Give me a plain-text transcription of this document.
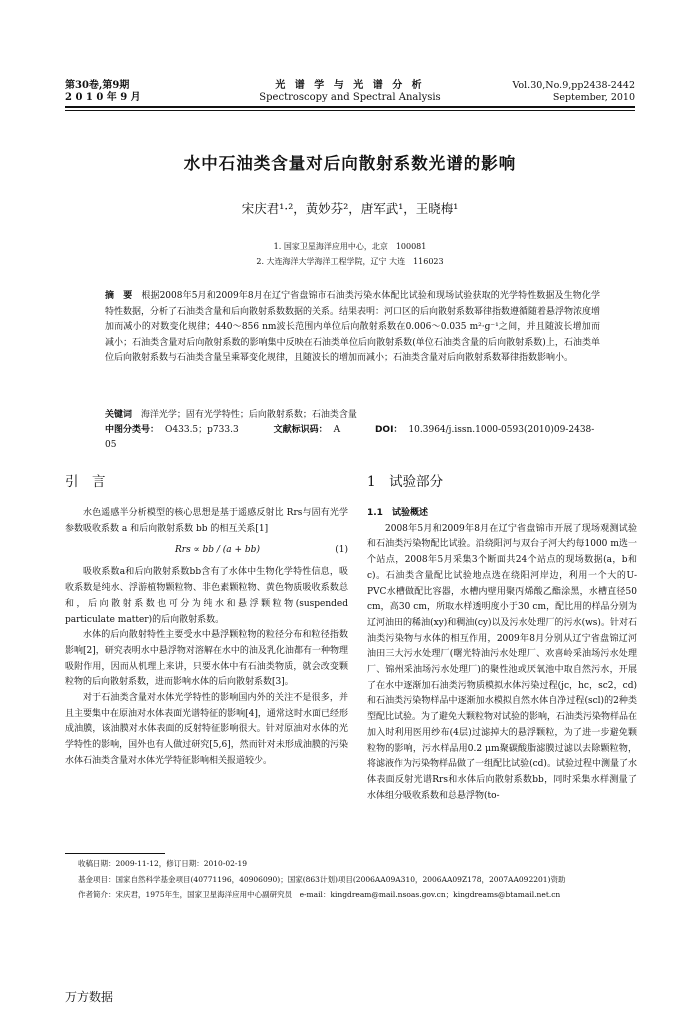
第30卷,第9期
2 0 1 0 年 9 月
光 谱 学 与 光 谱 分 析
Spectroscopy and Spectral Analysis
Vol.30,No.9,pp2438-2442
September, 2010
水中石油类含量对后向散射系数光谱的影响
宋庆君¹·²，黄妙芬²，唐军武¹，王晓梅¹
1. 国家卫星海洋应用中心，北京　100081
2. 大连海洋大学海洋工程学院，辽宁 大连　116023
摘　要 根据2008年5月和2009年8月在辽宁省盘锦市石油类污染水体配比试验和现场试验获取的光学特性数据及生物化学特性数据，分析了石油类含量和后向散射系数数据的关系。结果表明：河口区的后向散射系数幂律指数遵循随着悬浮物浓度增加而减小的对数变化规律；440～856 nm波长范围内单位后向散射系数在0.006～0.035 m²·g⁻¹之间，并且随波长增加而减小；石油类含量对后向散射系数的影响集中反映在石油类单位后向散射系数(单位石油类含量的后向散射系数)上，石油类单位后向散射系数与石油类含量呈乘幂变化规律，且随波长的增加而减小；石油类含量对后向散射系数幂律指数影响小。
关键词 海洋光学；固有光学特性；后向散射系数；石油类含量
中图分类号： O433.5；p733.3	文献标识码： A	DOI： 10.3964/j.issn.1000-0593(2010)09-2438-05
引　言

水色遥感半分析模型的核心思想是基于遥感反射比 Rrs与固有光学参数吸收系数 a 和后向散射系数 bb 的相互关系[1]

Rrs ∝ bb / (a + bb)	(1)

吸收系数a和后向散射系数bb含有了水体中生物化学特性信息，吸收系数是纯水、浮游植物颗粒物、非色素颗粒物、黄色物质吸收系数总和，后向散射系数也可分为纯水和悬浮颗粒物(suspended particulate matter)的后向散射系数。

水体的后向散射特性主要受水中悬浮颗粒物的粒径分布和粒径指数影响[2]，研究表明水中悬浮物对溶解在水中的油及乳化油都有一种物理吸附作用，因而从机理上来讲，只要水体中有石油类物质，就会改变颗粒物的后向散射系数，进而影响水体的后向散射系数[3]。

对于石油类含量对水体光学特性的影响国内外的关注不是很多，并且主要集中在原油对水体表面光谱特征的影响[4]，通常这时水面已经形成油膜，该油膜对水体表面的反射特征影响很大。针对原油对水体的光学特性的影响，国外也有人做过研究[5,6]，然而针对未形成油膜的污染水体石油类含量对水体光学特征影响相关报道较少。

1　试验部分

1.1　试验概述

2008年5月和2009年8月在辽宁省盘锦市开展了现场观测试验和石油类污染物配比试验。沿绕阳河与双台子河大约每1000 m选一个站点，2008年5月采集3个断面共24个站点的现场数据(a，b和c)。石油类含量配比试验地点选在绕阳河岸边，利用一个大的U-PVC水槽做配比容器，水槽内壁用聚丙烯酸乙酯涂黑，水槽直径50 cm，高30 cm，所取水样透明度小于30 cm，配比用的样品分别为辽河油田的稀油(xy)和稠油(cy)以及污水处理厂的污水(ws)。针对石油类污染物与水体的相互作用，2009年8月分别从辽宁省盘锦辽河油田三大污水处理厂(曙光特油污水处理厂、欢喜岭采油场污水处理厂、锦州采油场污水处理厂)的聚性池或厌氧池中取自然污水，开展了在水中逐渐加石油类污物质模拟水体污染过程(jc，hc，sc2，cd)和石油类污染物样品中逐渐加水模拟自然水体自净过程(scl)的2种类型配比试验。为了避免大颗粒物对试验的影响，石油类污染物样品在加入时利用医用纱布(4层)过滤掉大的悬浮颗粒，为了进一步避免颗粒物的影响，污水样品用0.2 μm聚碳酸脂滤膜过滤以去除颗粒物，将滤液作为污染物样品做了一组配比试验(cd)。试验过程中测量了水体表面反射光谱Rrs和水体后向散射系数bb，同时采集水样测量了水体组分吸收系数和总悬浮物(to-

收稿日期：2009-11-12，修订日期：2010-02-19
基金项目：国家自然科学基金项目(40771196，40906090)；国家(863计划)项目(2006AA09A310，2006AA09Z178，2007AA092201)资助
作者简介：宋庆君，1975年生，国家卫星海洋应用中心副研究员　e-mail：kingdream@mail.nsoas.gov.cn；kingdreams@btamail.net.cn
万方数据
